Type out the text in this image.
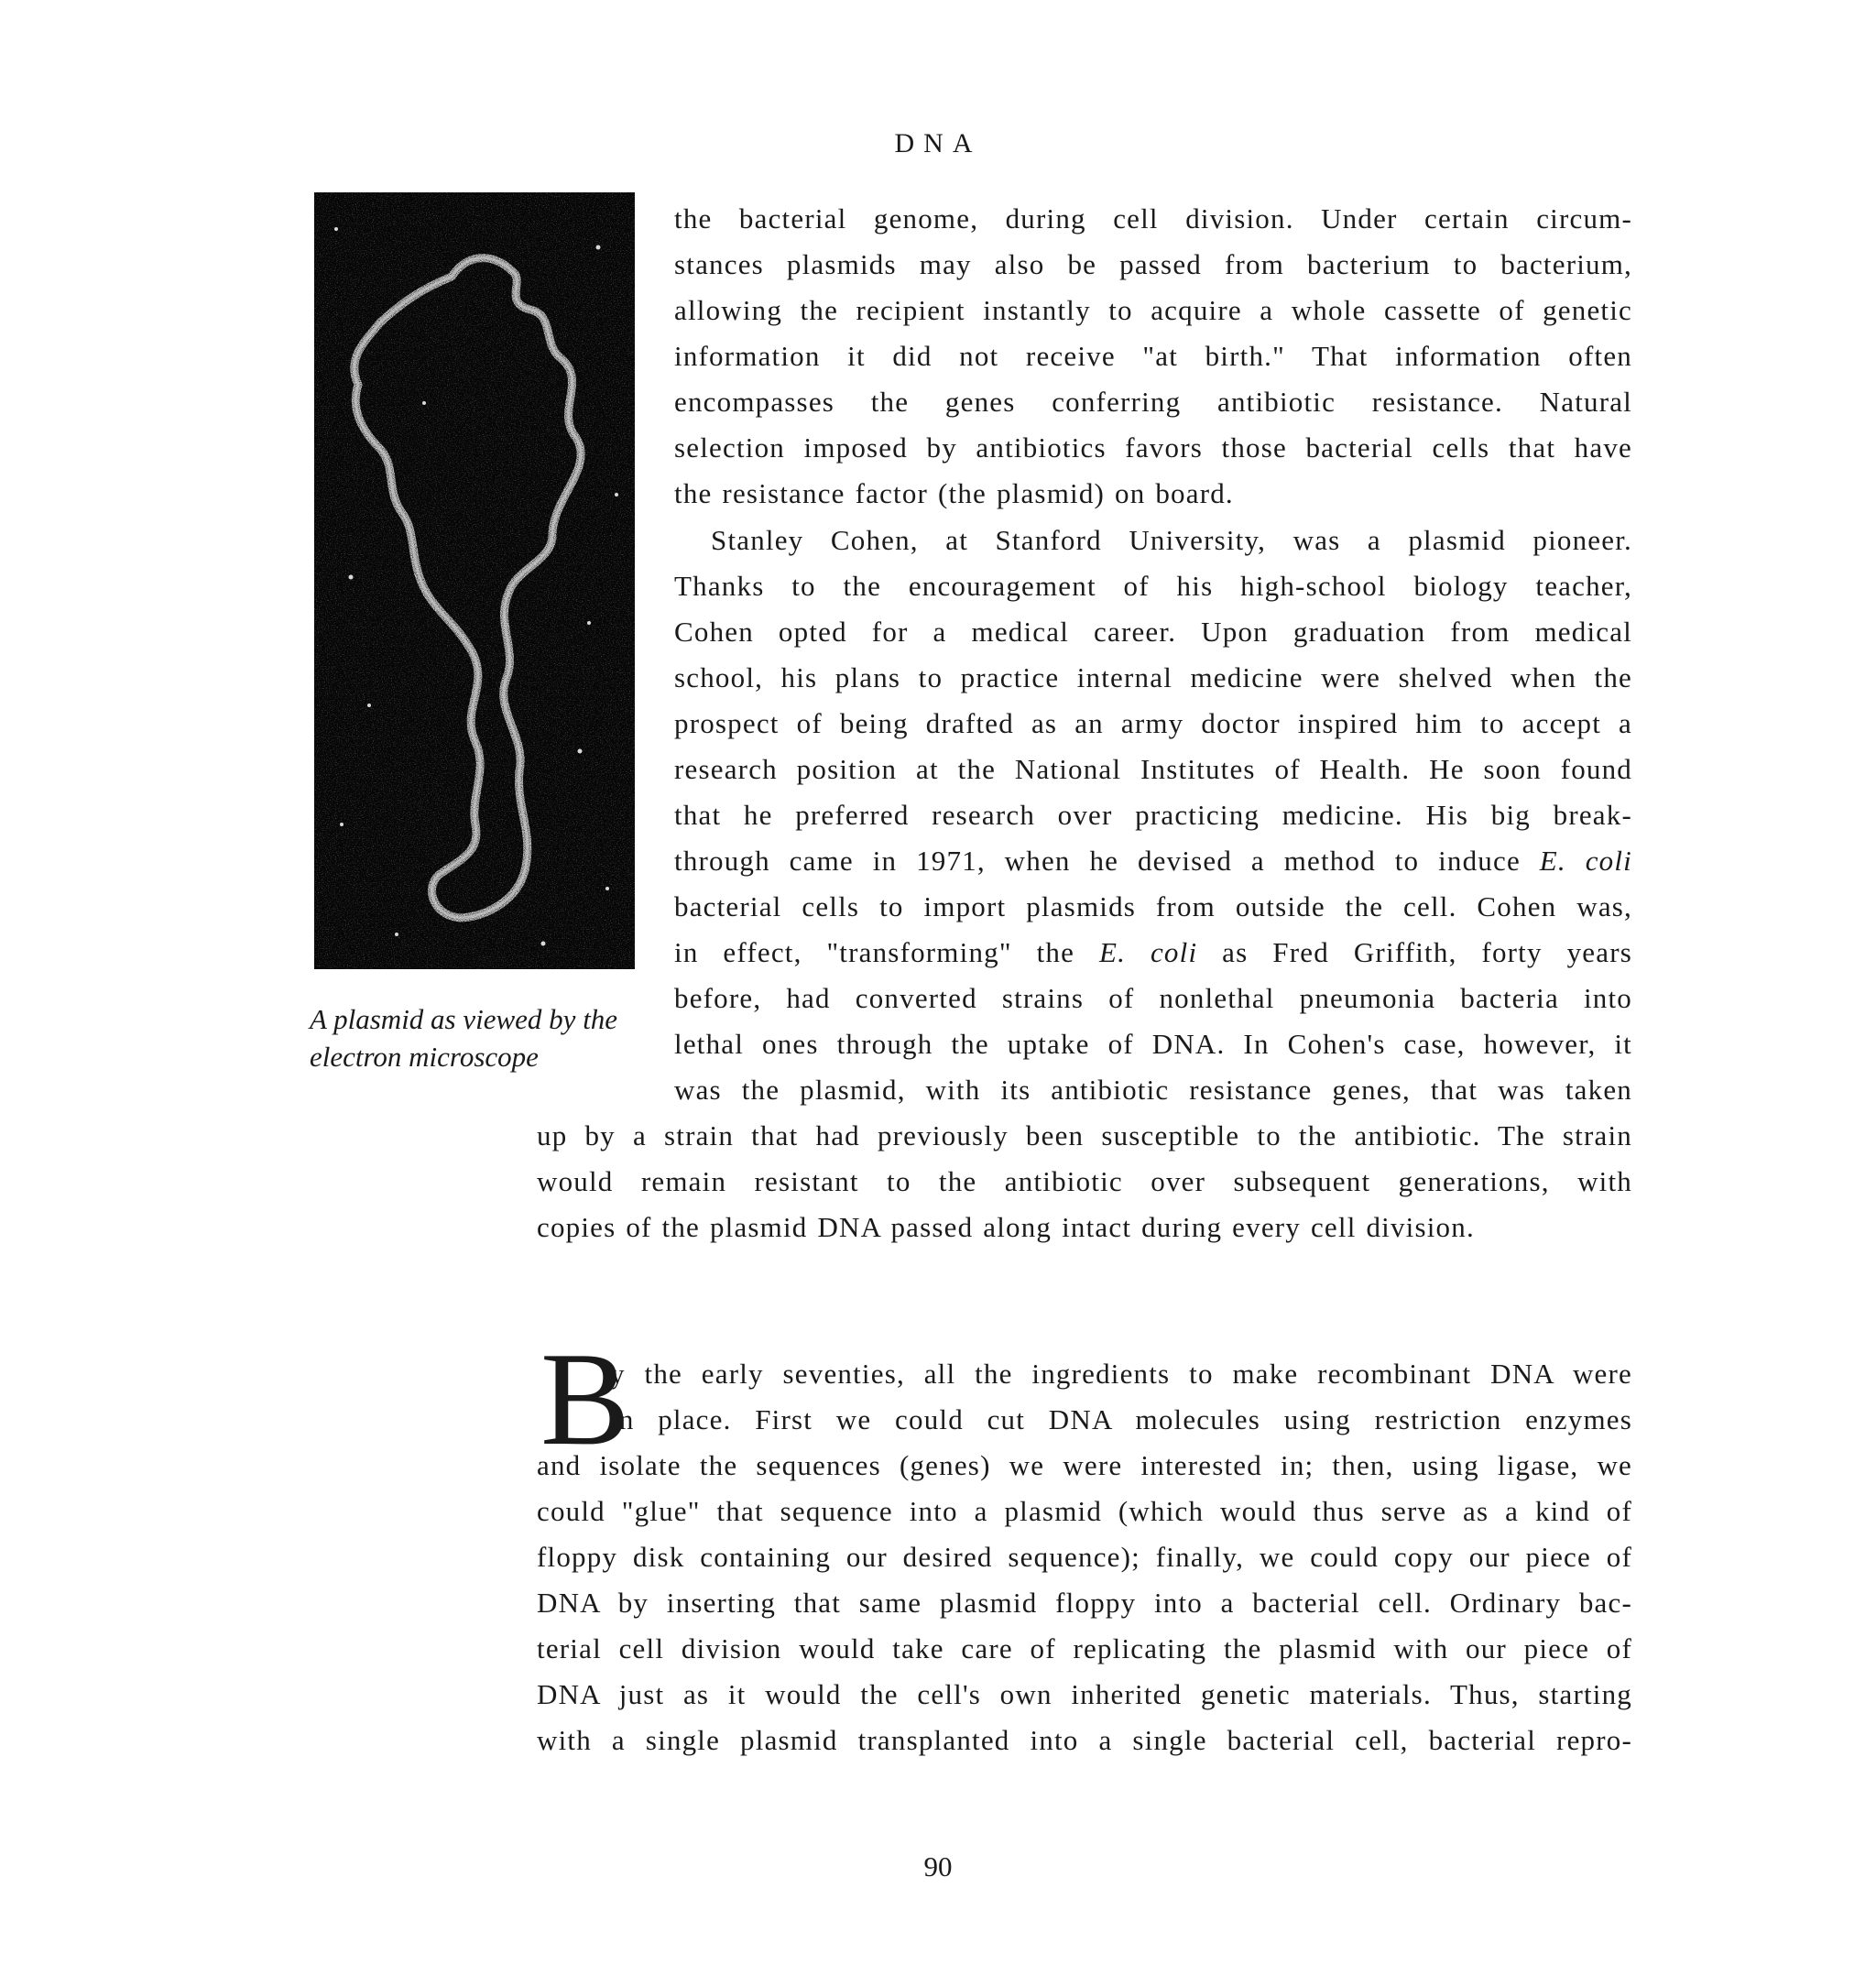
DNA
A plasmid as viewed by the electron microscope
the bacterial genome, during cell division. Under certain circum-
stances plasmids may also be passed from bacterium to bacterium,
allowing the recipient instantly to acquire a whole cassette of genetic
information it did not receive "at birth." That information often
encompasses the genes conferring antibiotic resistance. Natural
selection imposed by antibiotics favors those bacterial cells that have
the resistance factor (the plasmid) on board.
Stanley Cohen, at Stanford University, was a plasmid pioneer.
Thanks to the encouragement of his high-school biology teacher,
Cohen opted for a medical career. Upon graduation from medical
school, his plans to practice internal medicine were shelved when the
prospect of being drafted as an army doctor inspired him to accept a
research position at the National Institutes of Health. He soon found
that he preferred research over practicing medicine. His big break-
through came in 1971, when he devised a method to induce E. coli
bacterial cells to import plasmids from outside the cell. Cohen was,
in effect, "transforming" the E. coli as Fred Griffith, forty years
before, had converted strains of nonlethal pneumonia bacteria into
lethal ones through the uptake of DNA. In Cohen's case, however, it
was the plasmid, with its antibiotic resistance genes, that was taken
up by a strain that had previously been susceptible to the antibiotic. The strain
would remain resistant to the antibiotic over subsequent generations, with
copies of the plasmid DNA passed along intact during every cell division.
B
y the early seventies, all the ingredients to make recombinant DNA were
in place. First we could cut DNA molecules using restriction enzymes
and isolate the sequences (genes) we were interested in; then, using ligase, we
could "glue" that sequence into a plasmid (which would thus serve as a kind of
floppy disk containing our desired sequence); finally, we could copy our piece of
DNA by inserting that same plasmid floppy into a bacterial cell. Ordinary bac-
terial cell division would take care of replicating the plasmid with our piece of
DNA just as it would the cell's own inherited genetic materials. Thus, starting
with a single plasmid transplanted into a single bacterial cell, bacterial repro-
90
